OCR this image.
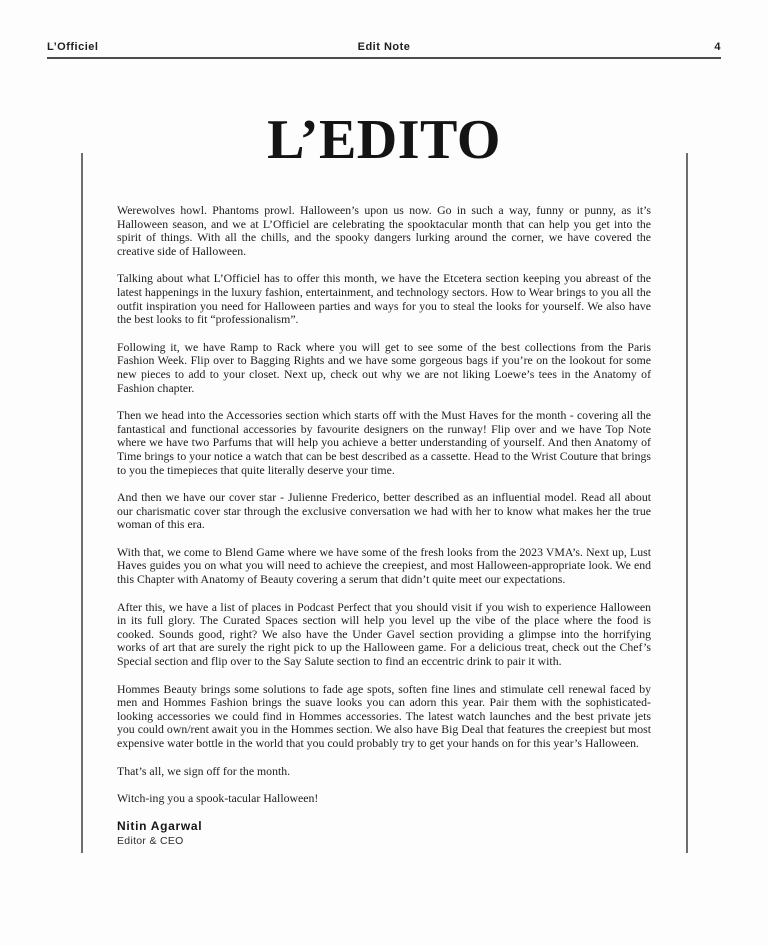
L’Officiel	Edit Note	4
L’EDITO

Werewolves howl. Phantoms prowl. Halloween’s upon us now. Go in such a way, funny or punny, as it’s Halloween season, and we at L’Officiel are celebrating the spooktacular month that can help you get into the spirit of things. With all the chills, and the spooky dangers lurking around the corner, we have covered the creative side of Halloween.

Talking about what L’Officiel has to offer this month, we have the Etcetera section keeping you abreast of the latest happenings in the luxury fashion, entertainment, and technology sectors. How to Wear brings to you all the outfit inspiration you need for Halloween parties and ways for you to steal the looks for yourself. We also have the best looks to fit “professionalism”.

Following it, we have Ramp to Rack where you will get to see some of the best collections from the Paris Fashion Week. Flip over to Bagging Rights and we have some gorgeous bags if you’re on the lookout for some new pieces to add to your closet. Next up, check out why we are not liking Loewe’s tees in the Anatomy of Fashion chapter.

Then we head into the Accessories section which starts off with the Must Haves for the month - covering all the fantastical and functional accessories by favourite designers on the runway! Flip over and we have Top Note where we have two Parfums that will help you achieve a better understanding of yourself. And then Anatomy of Time brings to your notice a watch that can be best described as a cassette. Head to the Wrist Couture that brings to you the timepieces that quite literally deserve your time.

And then we have our cover star - Julienne Frederico, better described as an influential model. Read all about our charismatic cover star through the exclusive conversation we had with her to know what makes her the true woman of this era.

With that, we come to Blend Game where we have some of the fresh looks from the 2023 VMA’s. Next up, Lust Haves guides you on what you will need to achieve the creepiest, and most Halloween-appropriate look. We end this Chapter with Anatomy of Beauty covering a serum that didn’t quite meet our expectations.

After this, we have a list of places in Podcast Perfect that you should visit if you wish to experience Halloween in its full glory. The Curated Spaces section will help you level up the vibe of the place where the food is cooked. Sounds good, right? We also have the Under Gavel section providing a glimpse into the horrifying works of art that are surely the right pick to up the Halloween game. For a delicious treat, check out the Chef’s Special section and flip over to the Say Salute section to find an eccentric drink to pair it with.

Hommes Beauty brings some solutions to fade age spots, soften fine lines and stimulate cell renewal faced by men and Hommes Fashion brings the suave looks you can adorn this year. Pair them with the sophisticated-looking accessories we could find in Hommes accessories. The latest watch launches and the best private jets you could own/rent await you in the Hommes section. We also have Big Deal that features the creepiest but most expensive water bottle in the world that you could probably try to get your hands on for this year’s Halloween.

That’s all, we sign off for the month.

Witch-ing you a spook-tacular Halloween!

Nitin Agarwal
Editor & CEO
